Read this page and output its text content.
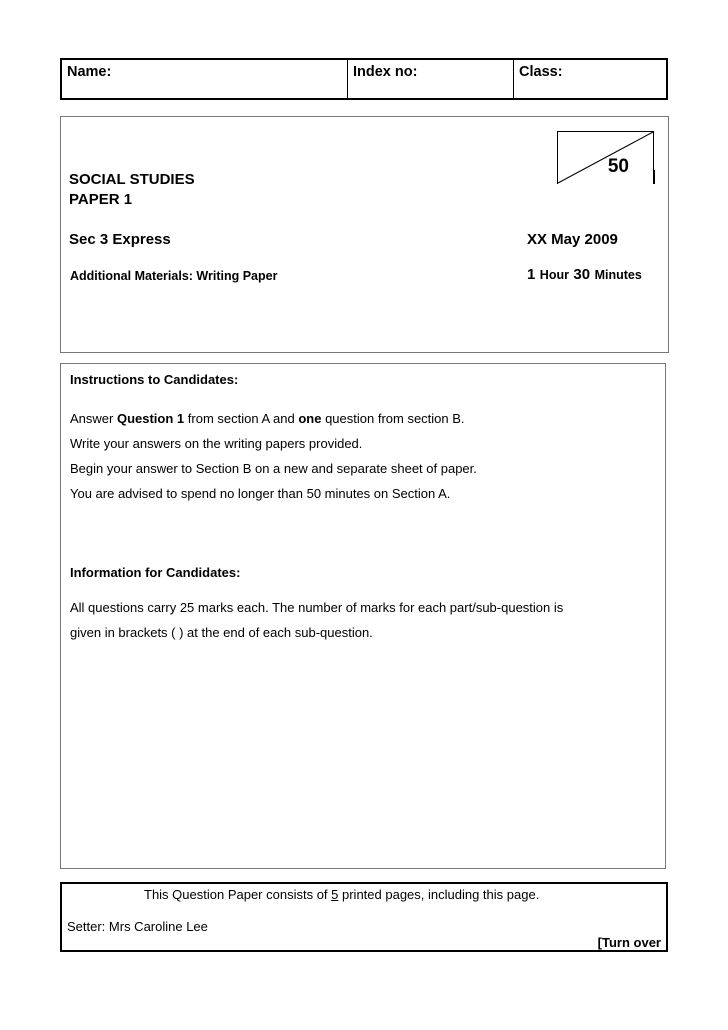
Name:	Index no:	Class:
50
SOCIAL STUDIES
PAPER 1
Sec 3 Express	XX May 2009
Additional Materials: Writing Paper	1 Hour 30 Minutes
Instructions to Candidates:
Answer Question 1 from section A and one question from section B.
Write your answers on the writing papers provided.
Begin your answer to Section B on a new and separate sheet of paper.
You are advised to spend no longer than 50 minutes on Section A.
Information for Candidates:
All questions carry 25 marks each. The number of marks for each part/sub-question is
given in brackets ( ) at the end of each sub-question.
This Question Paper consists of 5 printed pages, including this page.
Setter: Mrs Caroline Lee
[Turn over
